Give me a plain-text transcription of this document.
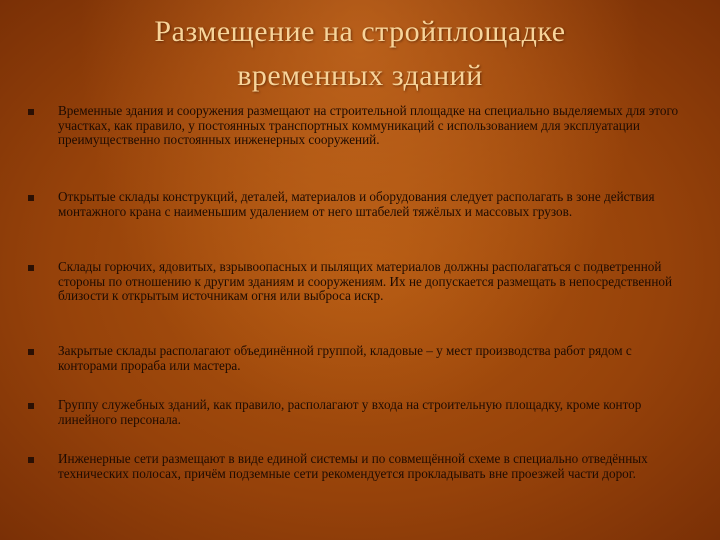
Размещение на стройплощадке
временных зданий
Временные здания и сооружения размещают на строительной площадке на специально выделяемых для этого участках, как правило, у постоянных транспортных коммуникаций с использованием для эксплуатации преимущественно постоянных инженерных сооружений.
Открытые склады конструкций, деталей, материалов и оборудования следует располагать в зоне действия монтажного крана с наименьшим удалением от него штабелей тяжёлых и массовых грузов.
Склады горючих, ядовитых, взрывоопасных и пылящих материалов должны располагаться с подветренной стороны по отношению к другим зданиям и сооружениям. Их не допускается размещать в непосредственной близости к открытым источникам огня или выброса искр.
Закрытые склады располагают объединённой группой, кладовые – у мест производства работ рядом с конторами прораба или мастера.
Группу служебных зданий, как правило, располагают у входа на строительную площадку, кроме контор линейного персонала.
Инженерные сети размещают в виде единой системы и по совмещённой схеме в специально отведённых технических полосах, причём подземные сети рекомендуется прокладывать вне проезжей части дорог.
